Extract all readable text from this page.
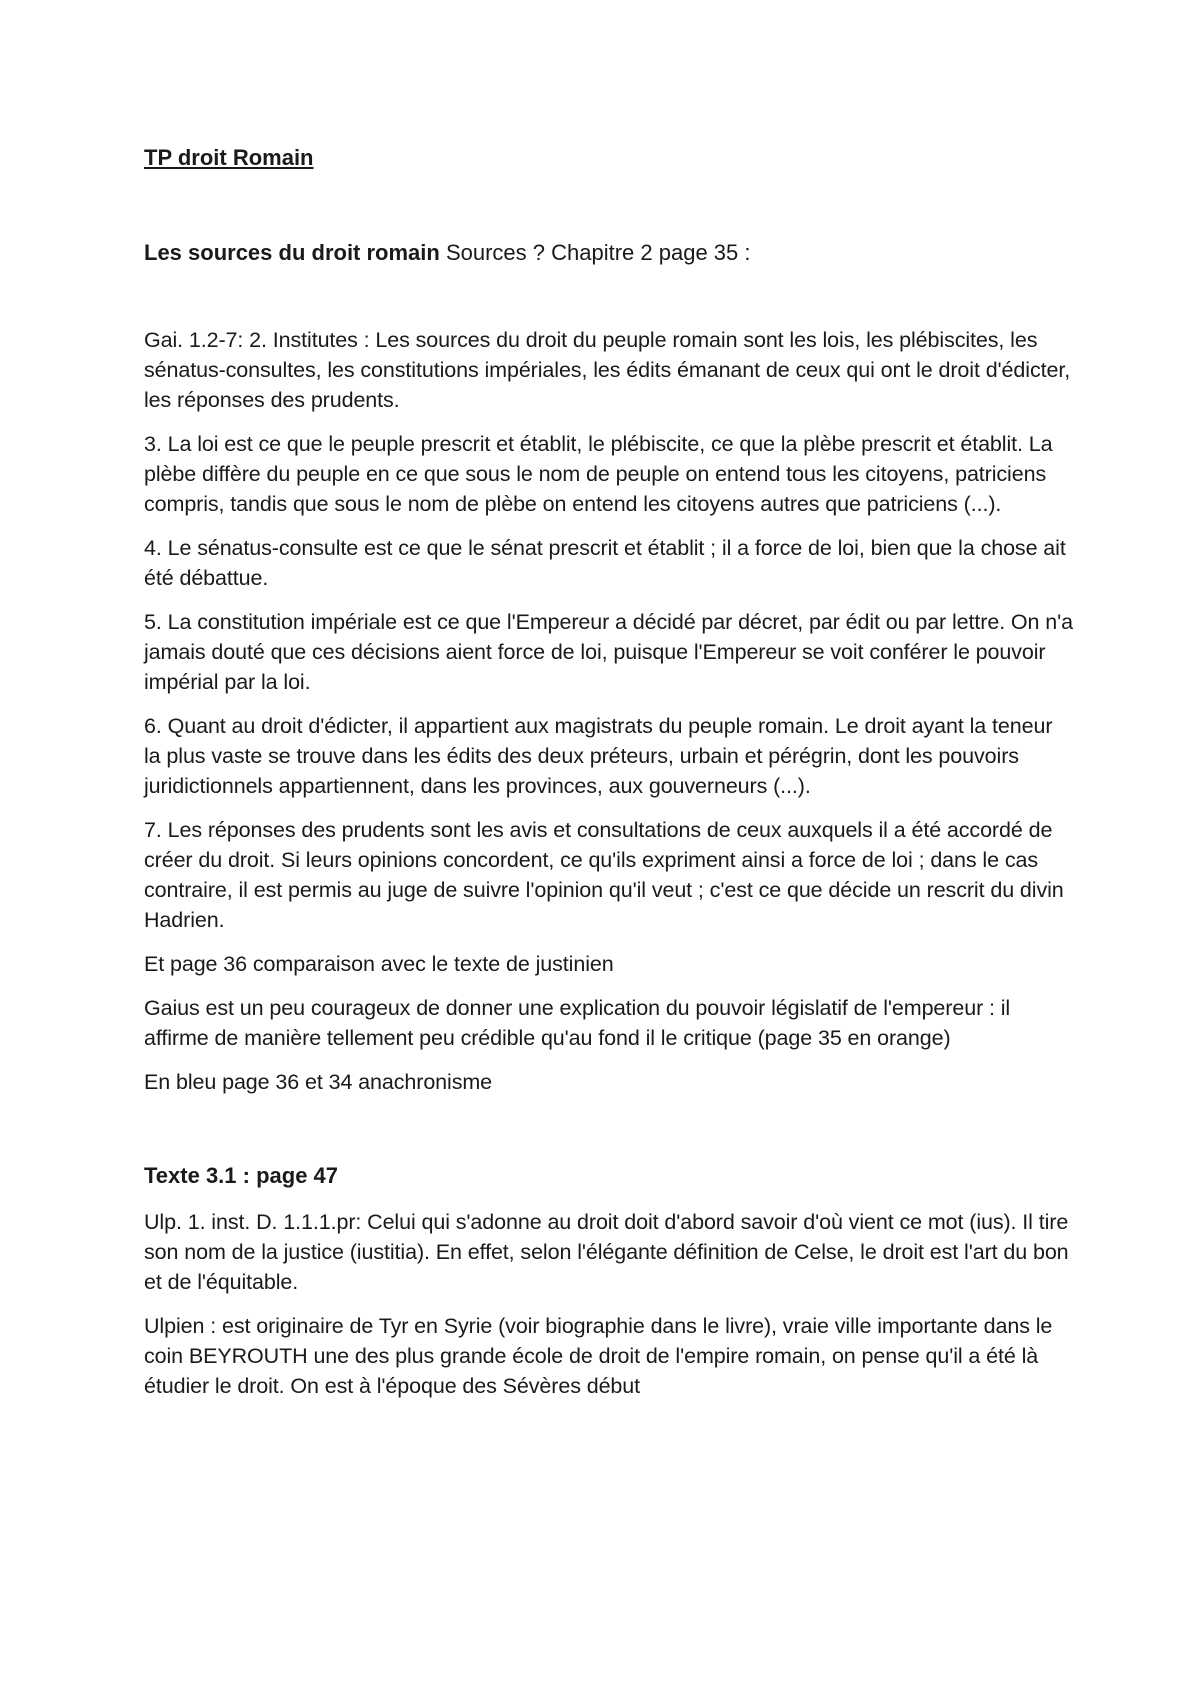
TP droit Romain
Les sources du droit romain Sources ? Chapitre 2 page 35 :

Gai. 1.2-7: 2. Institutes : Les sources du droit du peuple romain sont les lois, les plébiscites, les sénatus-consultes, les constitutions impériales, les édits émanant de ceux qui ont le droit d'édicter, les réponses des prudents.

3. La loi est ce que le peuple prescrit et établit, le plébiscite, ce que la plèbe prescrit et établit. La plèbe diffère du peuple en ce que sous le nom de peuple on entend tous les citoyens, patriciens compris, tandis que sous le nom de plèbe on entend les citoyens autres que patriciens (...).

4. Le sénatus-consulte est ce que le sénat prescrit et établit ; il a force de loi, bien que la chose ait été débattue.

5. La constitution impériale est ce que l'Empereur a décidé par décret, par édit ou par lettre. On n'a jamais douté que ces décisions aient force de loi, puisque l'Empereur se voit conférer le pouvoir impérial par la loi.

6. Quant au droit d'édicter, il appartient aux magistrats du peuple romain. Le droit ayant la teneur la plus vaste se trouve dans les édits des deux préteurs, urbain et pérégrin, dont les pouvoirs juridictionnels appartiennent, dans les provinces, aux gouverneurs (...).

7. Les réponses des prudents sont les avis et consultations de ceux auxquels il a été accordé de créer du droit. Si leurs opinions concordent, ce qu'ils expriment ainsi a force de loi ; dans le cas contraire, il est permis au juge de suivre l'opinion qu'il veut ; c'est ce que décide un rescrit du divin Hadrien.

Et page 36 comparaison avec le texte de justinien

Gaius est un peu courageux de donner une explication du pouvoir législatif de l'empereur : il affirme de manière tellement peu crédible qu'au fond il le critique (page 35 en orange)

En bleu page 36 et 34 anachronisme

Texte 3.1 : page 47

Ulp. 1. inst. D. 1.1.1.pr: Celui qui s'adonne au droit doit d'abord savoir d'où vient ce mot (ius). Il tire son nom de la justice (iustitia). En effet, selon l'élégante définition de Celse, le droit est l'art du bon et de l'équitable.

Ulpien : est originaire de Tyr en Syrie (voir biographie dans le livre), vraie ville importante dans le coin BEYROUTH une des plus grande école de droit de l'empire romain, on pense qu'il a été là étudier le droit. On est à l'époque des Sévères début
